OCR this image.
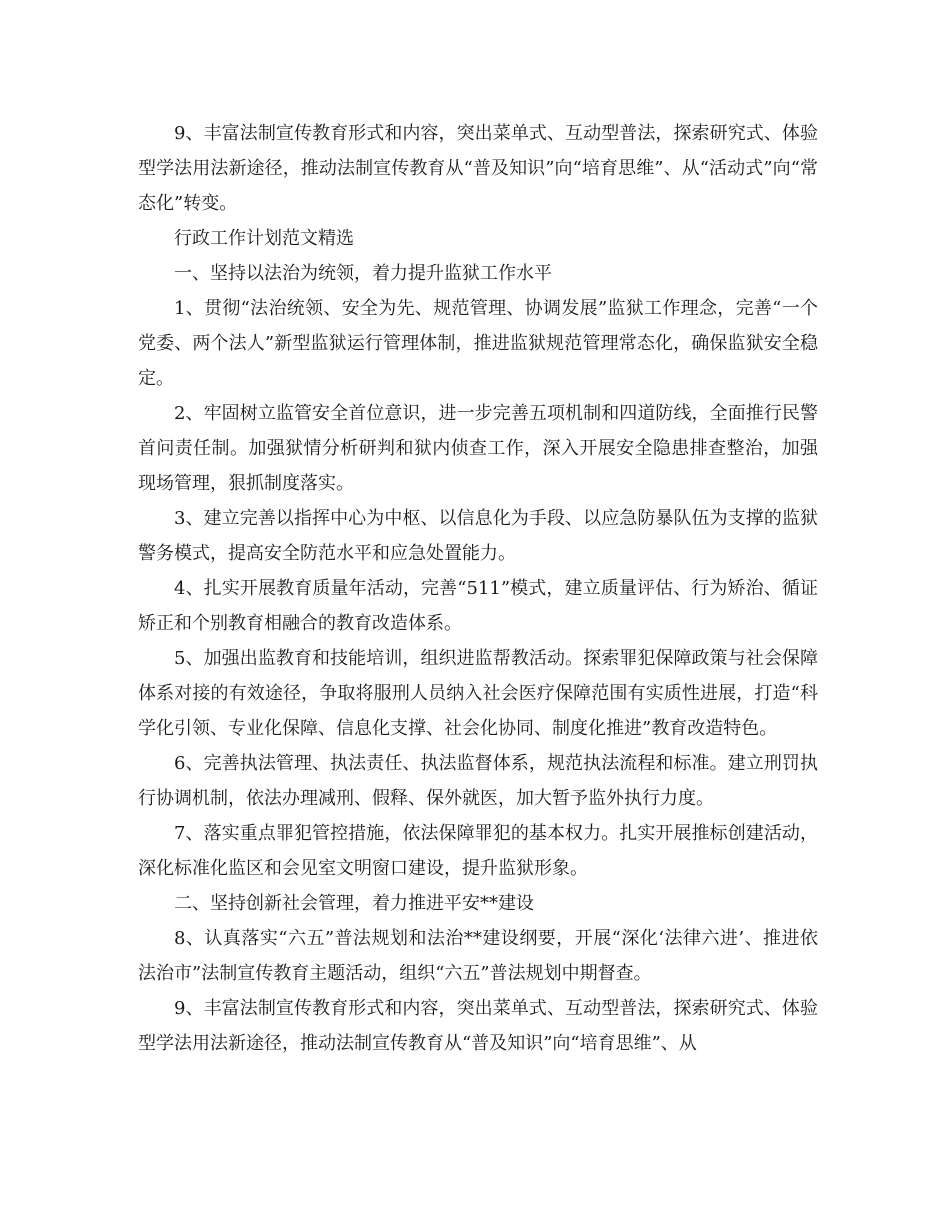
9、丰富法制宣传教育形式和内容，突出菜单式、互动型普法，探索研究式、体验型学法用法新途径，推动法制宣传教育从“普及知识”向“培育思维”、从“活动式”向“常态化”转变。

行政工作计划范文精选

一、坚持以法治为统领，着力提升监狱工作水平

1、贯彻“法治统领、安全为先、规范管理、协调发展”监狱工作理念，完善“一个党委、两个法人”新型监狱运行管理体制，推进监狱规范管理常态化，确保监狱安全稳定。

2、牢固树立监管安全首位意识，进一步完善五项机制和四道防线，全面推行民警首问责任制。加强狱情分析研判和狱内侦查工作，深入开展安全隐患排查整治，加强现场管理，狠抓制度落实。

3、建立完善以指挥中心为中枢、以信息化为手段、以应急防暴队伍为支撑的监狱警务模式，提高安全防范水平和应急处置能力。

4、扎实开展教育质量年活动，完善“511”模式，建立质量评估、行为矫治、循证矫正和个别教育相融合的教育改造体系。

5、加强出监教育和技能培训，组织进监帮教活动。探索罪犯保障政策与社会保障体系对接的有效途径，争取将服刑人员纳入社会医疗保障范围有实质性进展，打造“科学化引领、专业化保障、信息化支撑、社会化协同、制度化推进”教育改造特色。

6、完善执法管理、执法责任、执法监督体系，规范执法流程和标准。建立刑罚执行协调机制，依法办理减刑、假释、保外就医，加大暂予监外执行力度。

7、落实重点罪犯管控措施，依法保障罪犯的基本权力。扎实开展推标创建活动，深化标准化监区和会见室文明窗口建设，提升监狱形象。

二、坚持创新社会管理，着力推进平安**建设

8、认真落实“六五”普法规划和法治**建设纲要，开展“深化‘法律六进’、推进依法治市”法制宣传教育主题活动，组织“六五”普法规划中期督查。

9、丰富法制宣传教育形式和内容，突出菜单式、互动型普法，探索研究式、体验型学法用法新途径，推动法制宣传教育从“普及知识”向“培育思维”、从
